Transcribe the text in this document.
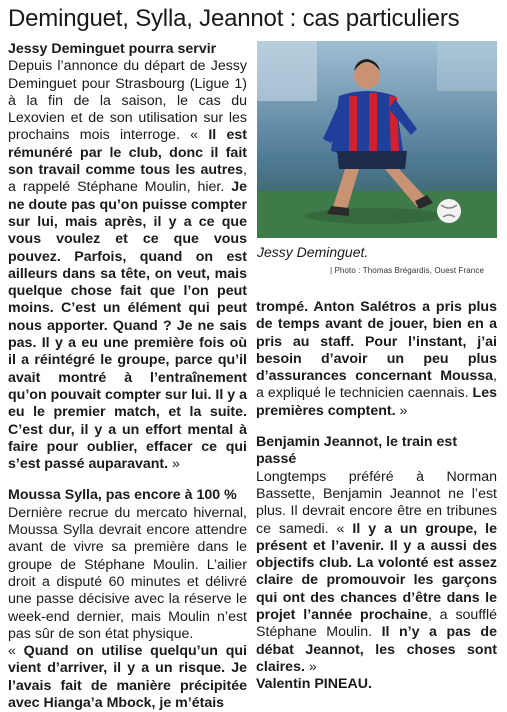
Deminguet, Sylla, Jeannot : cas particuliers
Jessy Deminguet pourra servir

Depuis l’annonce du départ de Jessy Deminguet pour Strasbourg (Ligue 1) à la fin de la saison, le cas du Lexovien et de son utilisation sur les prochains mois interroge. « Il est rémunéré par le club, donc il fait son travail comme tous les autres, a rappelé Stéphane Moulin, hier. Je ne doute pas qu’on puisse compter sur lui, mais après, il y a ce que vous voulez et ce que vous pouvez. Parfois, quand on est ailleurs dans sa tête, on veut, mais quelque chose fait que l’on peut moins. C’est un élément qui peut nous apporter. Quand ? Je ne sais pas. Il y a eu une première fois où il a réintégré le groupe, parce qu’il avait montré à l’entraînement qu’on pouvait compter sur lui. Il y a eu le premier match, et la suite. C’est dur, il y a un effort mental à faire pour oublier, effacer ce qui s’est passé auparavant. »

Moussa Sylla, pas encore à 100 %

Dernière recrue du mercato hivernal, Moussa Sylla devrait encore attendre avant de vivre sa première dans le groupe de Stéphane Moulin. L’ailier droit a disputé 60 minutes et délivré une passe décisive avec la réserve le week-end dernier, mais Moulin n’est pas sûr de son état physique.

« Quand on utilise quelqu’un qui vient d’arriver, il y a un risque. Je l’avais fait de manière précipitée avec Hianga’a Mbock, je m’étais

Jessy Deminguet.
| Photo : Thomas Brégardis, Ouest France

trompé. Anton Salétros a pris plus de temps avant de jouer, bien en a pris au staff. Pour l’instant, j’ai besoin d’avoir un peu plus d’assurances concernant Moussa, a expliqué le technicien caennais. Les premières comptent. »

Benjamin Jeannot, le train est passé

Longtemps préféré à Norman Bassette, Benjamin Jeannot ne l’est plus. Il devrait encore être en tribunes ce samedi. « Il y a un groupe, le présent et l’avenir. Il y a aussi des objectifs club. La volonté est assez claire de promouvoir les garçons qui ont des chances d’être dans le projet l’année prochaine, a soufflé Stéphane Moulin. Il n’y a pas de débat Jeannot, les choses sont claires. »

Valentin PINEAU.
